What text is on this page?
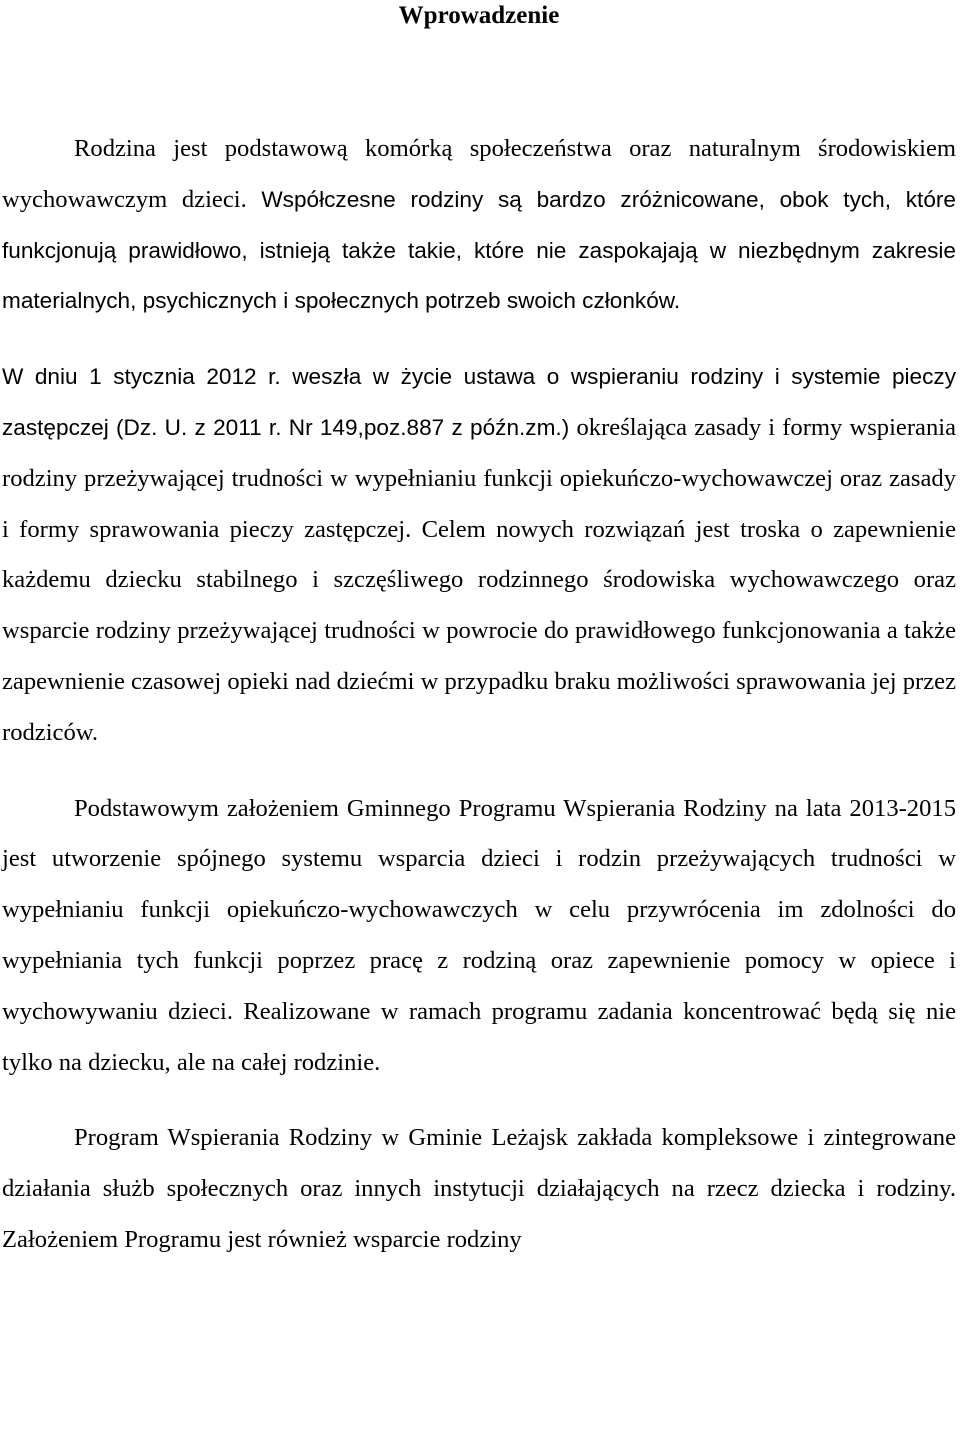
Wprowadzenie

Rodzina jest podstawową komórką społeczeństwa oraz naturalnym środowiskiem wychowawczym dzieci. Współczesne rodziny są bardzo zróżnicowane, obok tych, które funkcjonują prawidłowo, istnieją także takie, które nie zaspokajają w niezbędnym zakresie materialnych, psychicznych i społecznych potrzeb swoich członków.

W dniu 1 stycznia 2012 r. weszła w życie ustawa o wspieraniu rodziny i systemie pieczy zastępczej (Dz. U. z 2011 r. Nr 149,poz.887 z późn.zm.) określająca zasady i formy wspierania rodziny przeżywającej trudności w wypełnianiu funkcji opiekuńczo-wychowawczej oraz zasady i formy sprawowania pieczy zastępczej. Celem nowych rozwiązań jest troska o zapewnienie każdemu dziecku stabilnego i szczęśliwego rodzinnego środowiska wychowawczego oraz wsparcie rodziny przeżywającej trudności w powrocie do prawidłowego funkcjonowania a także zapewnienie czasowej opieki nad dziećmi w przypadku braku możliwości sprawowania jej przez rodziców.

Podstawowym założeniem Gminnego Programu Wspierania Rodziny na lata 2013-2015 jest utworzenie spójnego systemu wsparcia dzieci i rodzin przeżywających trudności w wypełnianiu funkcji opiekuńczo-wychowawczych w celu przywrócenia im zdolności do wypełniania tych funkcji poprzez pracę z rodziną oraz zapewnienie pomocy w opiece i wychowywaniu dzieci. Realizowane w ramach programu zadania koncentrować będą się nie tylko na dziecku, ale na całej rodzinie.

Program Wspierania Rodziny w Gminie Leżajsk zakłada kompleksowe i zintegrowane działania służb społecznych oraz innych instytucji działających na rzecz dziecka i rodziny. Założeniem Programu jest również wsparcie rodziny
